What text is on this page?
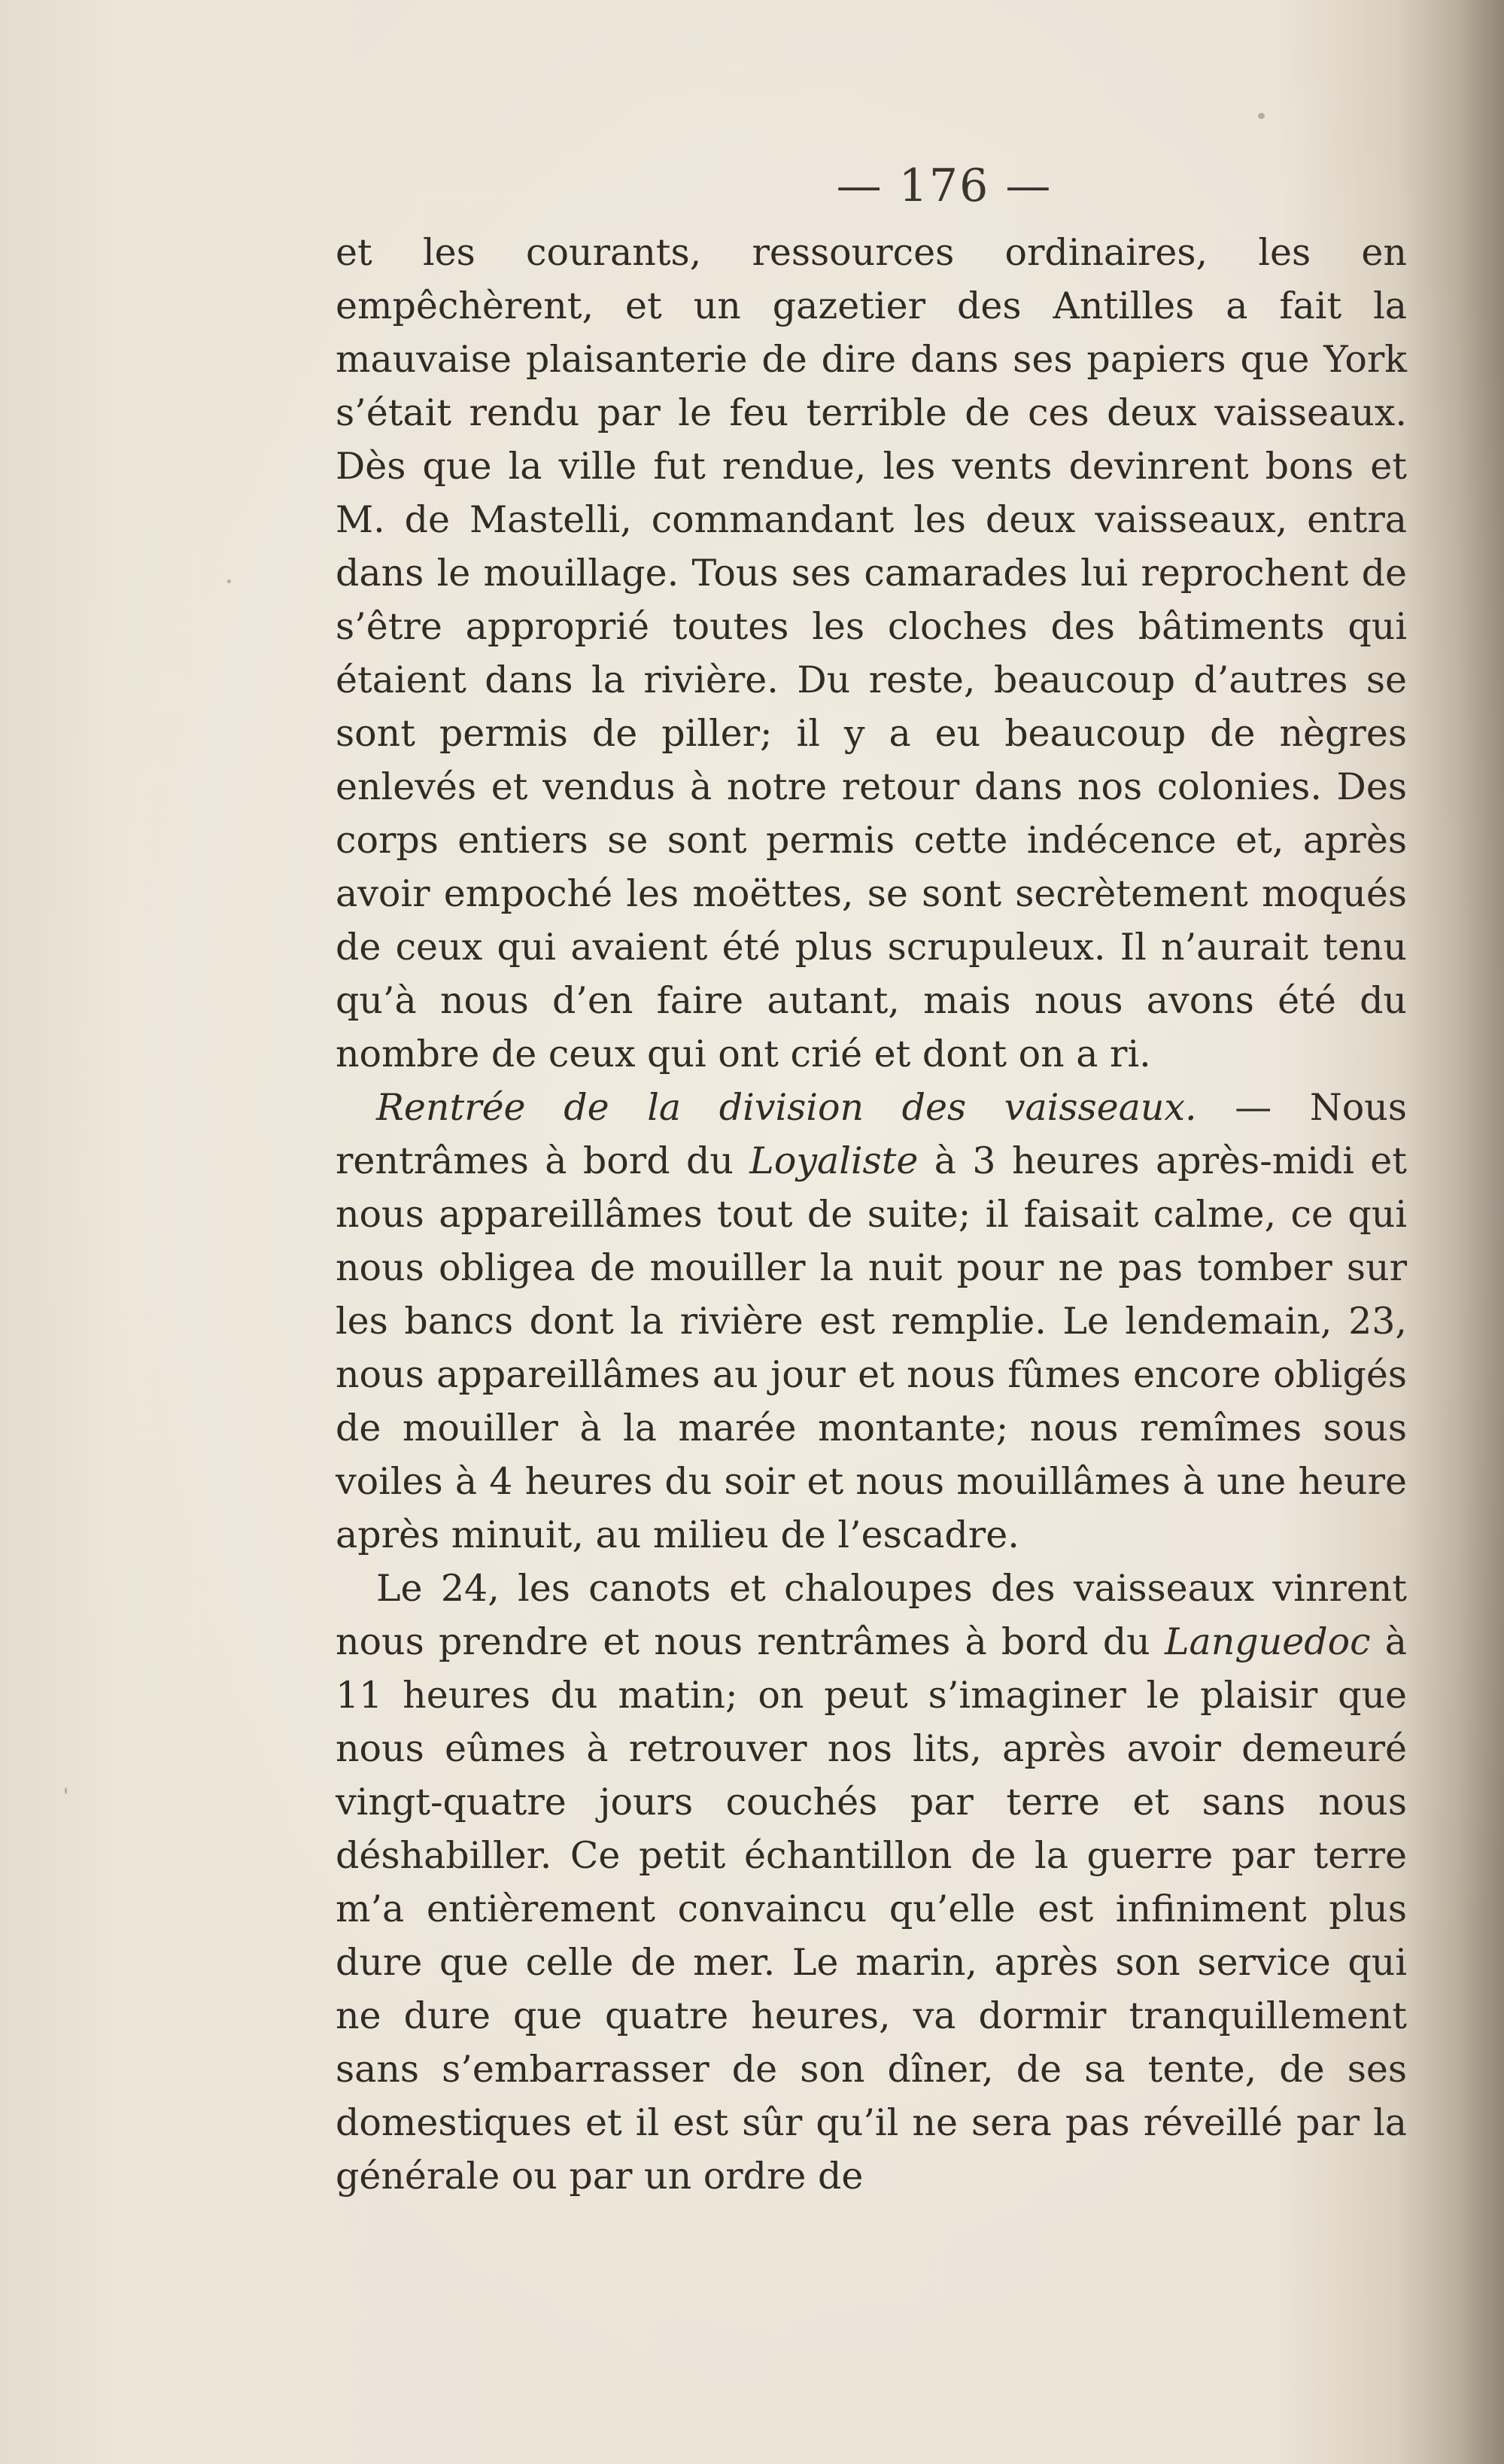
— 176 —

et les courants, ressources ordinaires, les en empêchèrent, et un gazetier des Antilles a fait la mauvaise plaisanterie de dire dans ses papiers que York s’était rendu par le feu terrible de ces deux vaisseaux. Dès que la ville fut rendue, les vents devinrent bons et M. de Mastelli, commandant les deux vaisseaux, entra dans le mouillage. Tous ses camarades lui reprochent de s’être approprié toutes les cloches des bâtiments qui étaient dans la rivière. Du reste, beaucoup d’autres se sont permis de piller; il y a eu beaucoup de nègres enlevés et vendus à notre retour dans nos colonies. Des corps entiers se sont permis cette indécence et, après avoir empoché les moëttes, se sont secrètement moqués de ceux qui avaient été plus scrupuleux. Il n’aurait tenu qu’à nous d’en faire autant, mais nous avons été du nombre de ceux qui ont crié et dont on a ri.

Rentrée de la division des vaisseaux. — Nous rentrâmes à bord du Loyaliste à 3 heures après-midi et nous appareillâmes tout de suite; il faisait calme, ce qui nous obligea de mouiller la nuit pour ne pas tomber sur les bancs dont la rivière est remplie. Le lendemain, 23, nous appareillâmes au jour et nous fûmes encore obligés de mouiller à la marée montante; nous remîmes sous voiles à 4 heures du soir et nous mouillâmes à une heure après minuit, au milieu de l’escadre.

Le 24, les canots et chaloupes des vaisseaux vinrent nous prendre et nous rentrâmes à bord du Languedoc à 11 heures du matin; on peut s’imaginer le plaisir que nous eûmes à retrouver nos lits, après avoir demeuré vingt-quatre jours couchés par terre et sans nous déshabiller. Ce petit échantillon de la guerre par terre m’a entièrement convaincu qu’elle est infiniment plus dure que celle de mer. Le marin, après son service qui ne dure que quatre heures, va dormir tranquillement sans s’embarrasser de son dîner, de sa tente, de ses domestiques et il est sûr qu’il ne sera pas réveillé par la générale ou par un ordre de
